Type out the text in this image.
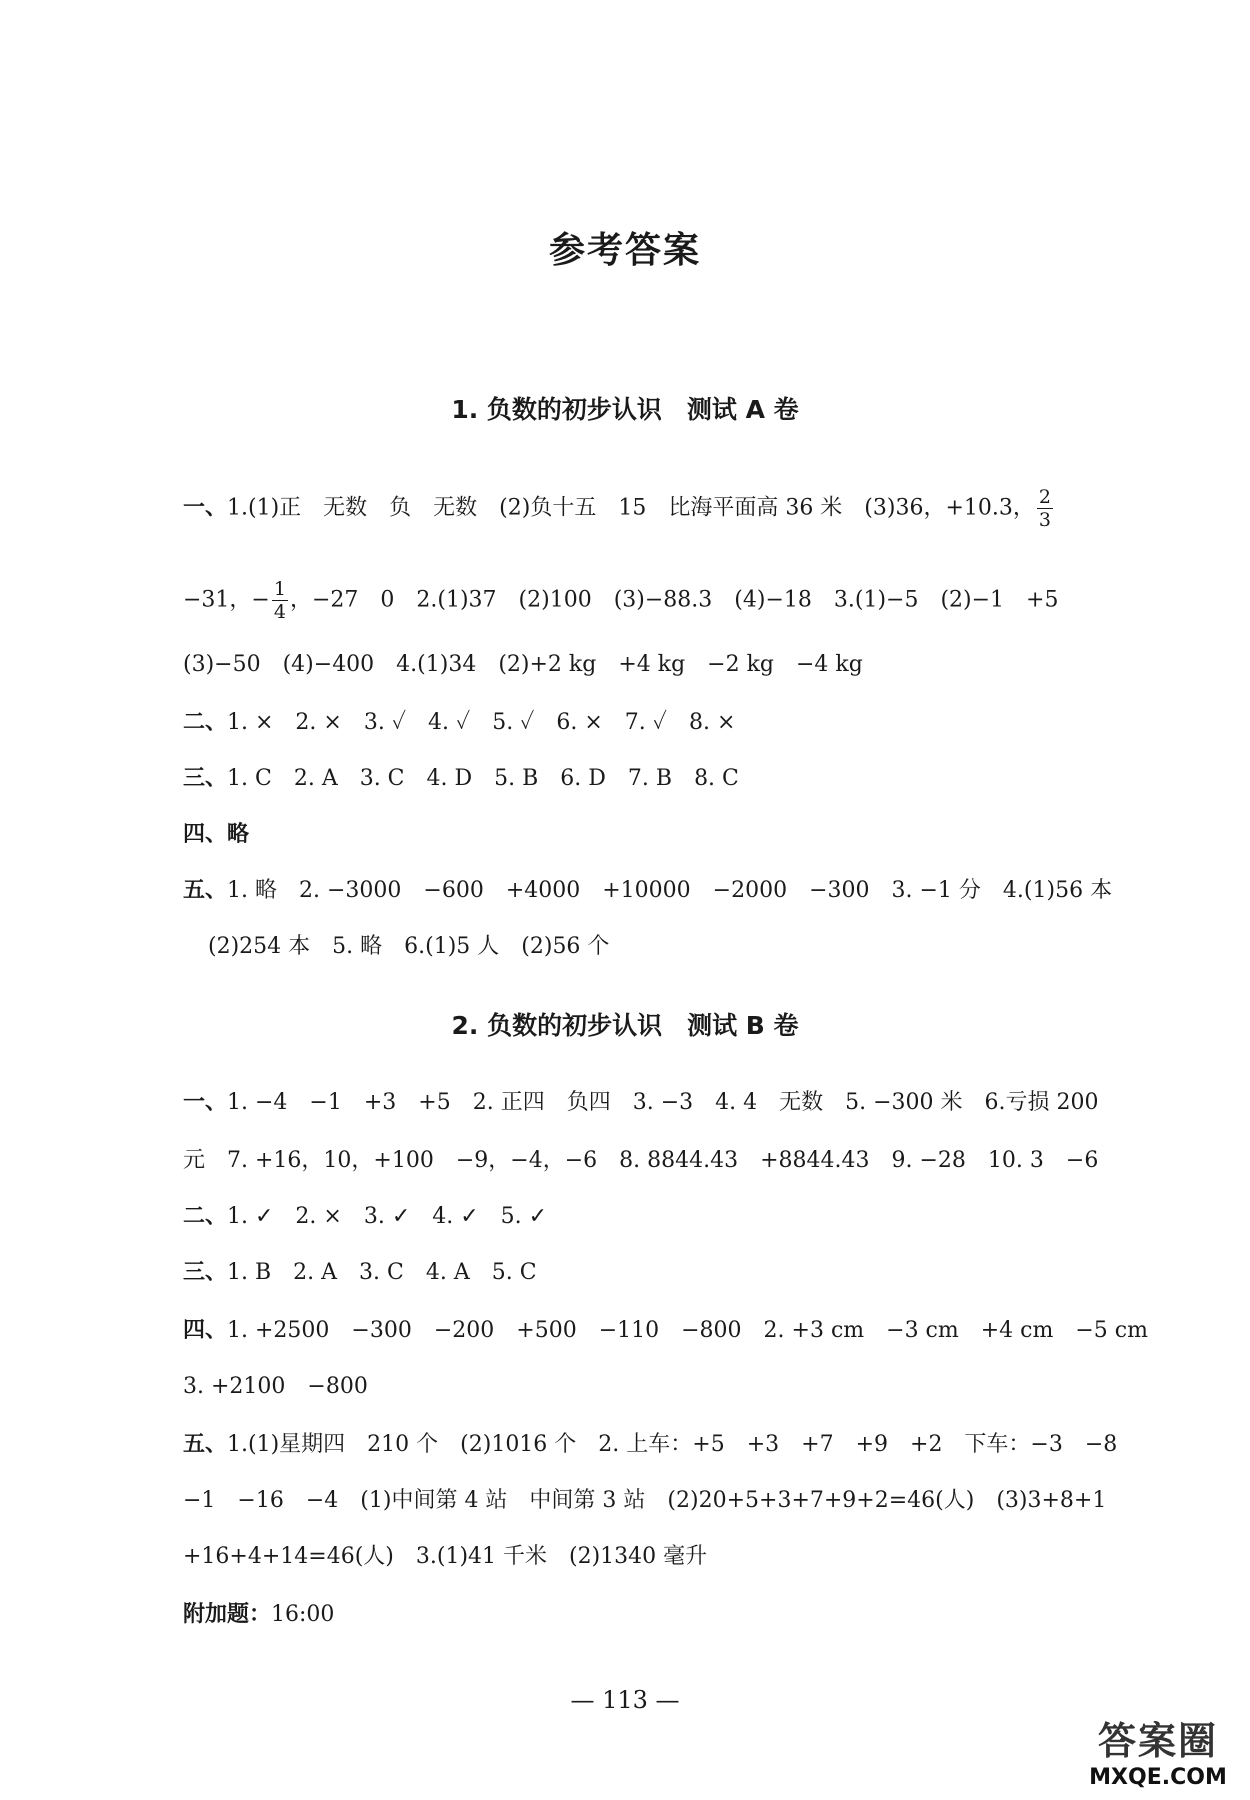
参考答案
1. 负数的初步认识　测试 A 卷
一、1.(1)正　无数　负　无数　(2)负十五　15　比海平面高 36 米　(3)36，+10.3， $\frac{2}{3}$
−31，− $\frac{1}{4}$ ，−27　0　2.(1)37　(2)100　(3)−88.3　(4)−18　3.(1)−5　(2)−1　+5
(3)−50　(4)−400　4.(1)34　(2)+2 kg　+4 kg　−2 kg　−4 kg
二、1. ×　2. ×　3. ✓　4. ✓　5. ✓　6. ×　7. ✓　8. ×
三、1. C　2. A　3. C　4. D　5. B　6. D　7. B　8. C
四、略
五、1. 略　2. −3000　−600　+4000　+10000　−2000　−300　3. −1 分　4.(1)56 本
(2)254 本　5. 略　6.(1)5 人　(2)56 个
2. 负数的初步认识　测试 B 卷
一、1. −4　−1　+3　+5　2. 正四　负四　3. −3　4. 4　无数　5. −300 米　6.亏损 200
元　7. +16，10，+100　−9，−4，−6　8. 8844.43　+8844.43　9. −28　10. 3　−6
二、1. ✓　2. ×　3. ✓　4. ✓　5. ✓
三、1. B　2. A　3. C　4. A　5. C
四、1. +2500　−300　−200　+500　−110　−800　2. +3 cm　−3 cm　+4 cm　−5 cm
3. +2100　−800
五、1.(1)星期四　210 个　(2)1016 个　2. 上车：+5　+3　+7　+9　+2　下车：−3　−8
−1　−16　−4　(1)中间第 4 站　中间第 3 站　(2)20+5+3+7+9+2=46(人)　(3)3+8+1
+16+4+14=46(人)　3.(1)41 千米　(2)1340 毫升
附加题：16:00
— 113 —
答案圈
MXQE.COM
